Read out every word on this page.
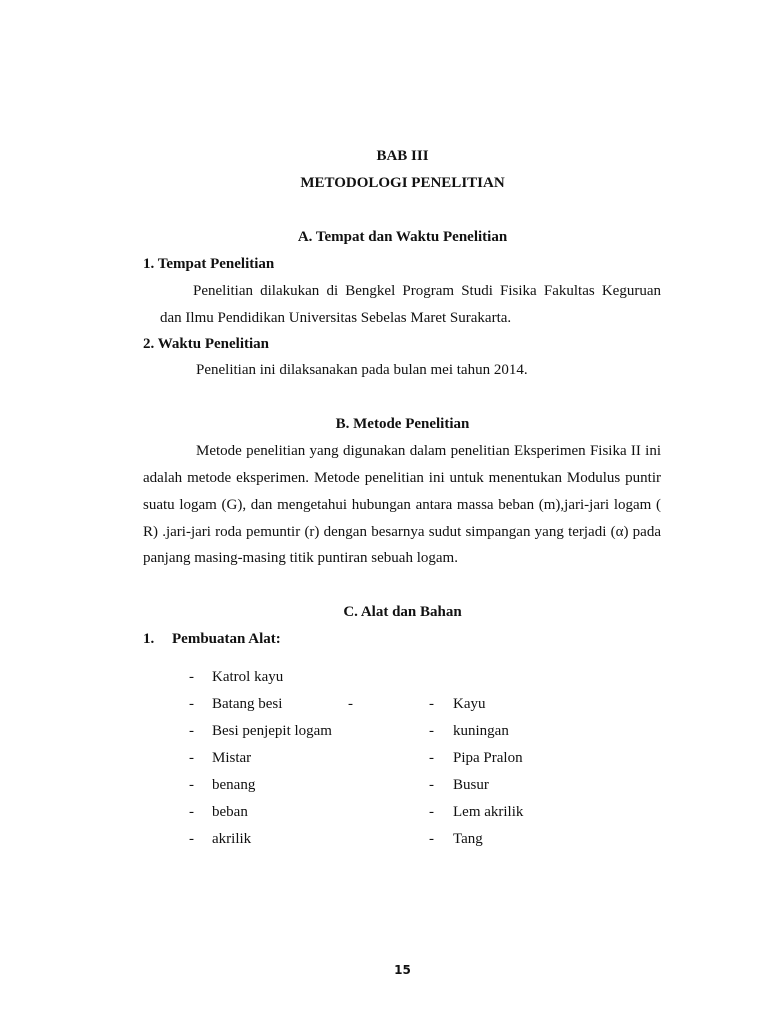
BAB III
METODOLOGI PENELITIAN
A. Tempat dan Waktu Penelitian
1. Tempat Penelitian
Penelitian dilakukan di Bengkel Program Studi Fisika Fakultas Keguruan
dan Ilmu Pendidikan Universitas Sebelas Maret Surakarta.
2. Waktu Penelitian
Penelitian ini dilaksanakan pada bulan mei tahun 2014.
B. Metode Penelitian
Metode penelitian yang digunakan dalam penelitian Eksperimen Fisika II ini
adalah metode eksperimen. Metode penelitian ini untuk menentukan Modulus puntir
suatu logam (G), dan mengetahui hubungan antara massa beban (m),jari-jari logam (
R) .jari-jari roda pemuntir (r) dengan besarnya sudut simpangan yang terjadi (α) pada
panjang masing-masing titik puntiran sebuah logam.
C. Alat dan Bahan
1. Pembuatan Alat:
- Katrol kayu
- Batang besi	-
- Besi penjepit logam
- Mistar
- benang
- beban
- akrilik
- Kayu
- kuningan
- Pipa Pralon
- Busur
- Lem akrilik
- Tang
15
